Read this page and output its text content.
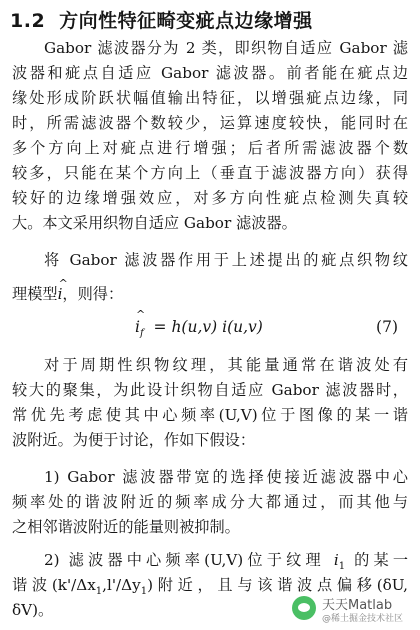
1.2 方向性特征畸变疵点边缘增强
Gabor 滤波器分为 2 类，即织物自适应 Gabor 滤
波器和疵点自适应 Gabor 滤波器。前者能在疵点边
缘处形成阶跃状幅值输出特征，以增强疵点边缘，同
时，所需滤波器个数较少，运算速度较快，能同时在
多个方向上对疵点进行增强；后者所需滤波器个数
较多，只能在某个方向上（垂直于滤波器方向）获得
较好的边缘增强效应，对多方向性疵点检测失真较
大。本文采用织物自适应 Gabor 滤波器。
将 Gabor 滤波器作用于上述提出的疵点织物纹
理模型^ i，则得：
^ $i_f = h(u,v)$ i(u,v)	(7)
对于周期性织物纹理，其能量通常在谐波处有
较大的聚集，为此设计织物自适应 Gabor 滤波器时，
常优先考虑使其中心频率(U,V)位于图像的某一谐
波附近。为便于讨论，作如下假设：
1) Gabor 滤波器带宽的选择使接近滤波器中心
频率处的谐波附近的频率成分大都通过，而其他与
之相邻谐波附近的能量则被抑制。
2) 滤波器中心频率(U,V)位于纹理 $i_1$ 的某一
谐波$(k'/\Delta x_1,l'/\Delta y_1)$附近，且与该谐波点偏移(δU,
δV)。	天天Matlab
@稀土掘金技术社区
